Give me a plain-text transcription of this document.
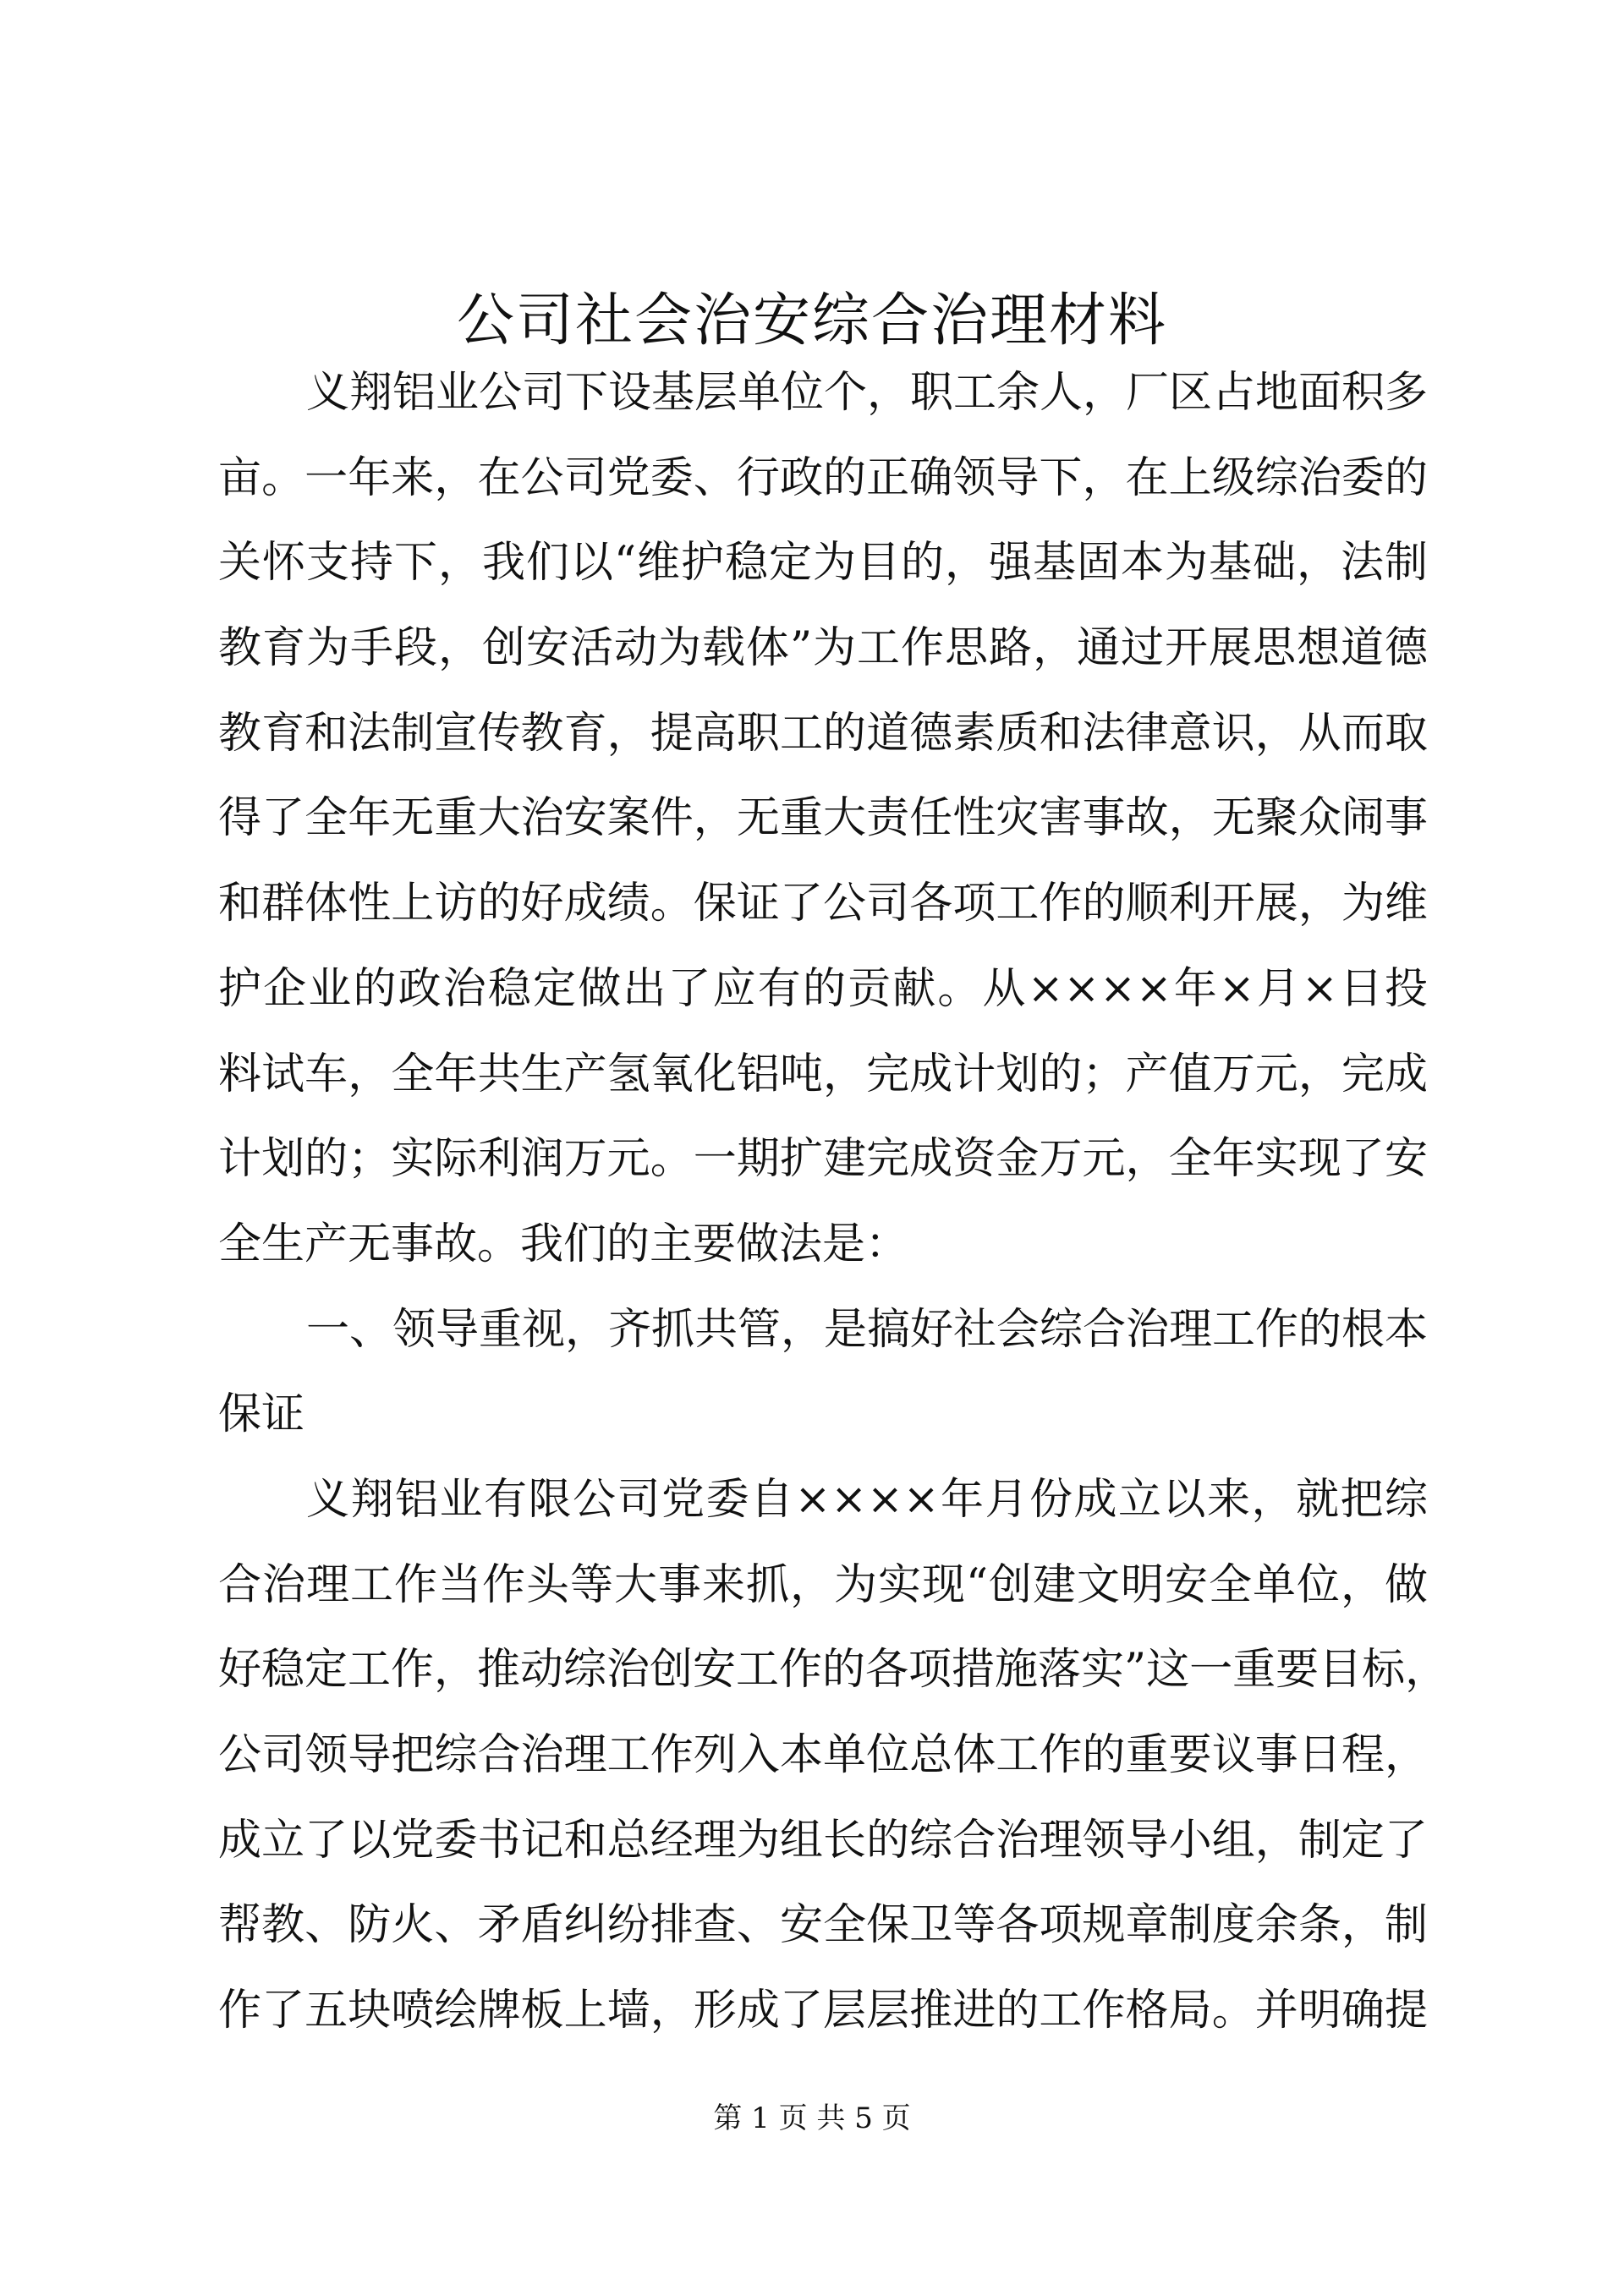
公司社会治安综合治理材料
义翔铝业公司下设基层单位个，职工余人，厂区占地面积多
亩。一年来，在公司党委、行政的正确领导下，在上级综治委的
关怀支持下，我们以“维护稳定为目的，强基固本为基础，法制
教育为手段，创安活动为载体”为工作思路，通过开展思想道德
教育和法制宣传教育，提高职工的道德素质和法律意识，从而取
得了全年无重大治安案件，无重大责任性灾害事故，无聚众闹事
和群体性上访的好成绩。保证了公司各项工作的顺利开展，为维
护企业的政治稳定做出了应有的贡献。从××××年×月×日投
料试车，全年共生产氢氧化铝吨，完成计划的；产值万元，完成
计划的；实际利润万元。一期扩建完成资金万元，全年实现了安
全生产无事故。我们的主要做法是：
一、领导重视，齐抓共管，是搞好社会综合治理工作的根本
保证
义翔铝业有限公司党委自××××年月份成立以来，就把综
合治理工作当作头等大事来抓，为实现“创建文明安全单位，做
好稳定工作，推动综治创安工作的各项措施落实”这一重要目标，
公司领导把综合治理工作列入本单位总体工作的重要议事日程，
成立了以党委书记和总经理为组长的综合治理领导小组，制定了
帮教、防火、矛盾纠纷排查、安全保卫等各项规章制度余条，制
作了五块喷绘牌板上墙，形成了层层推进的工作格局。并明确提
第 1 页 共 5 页
